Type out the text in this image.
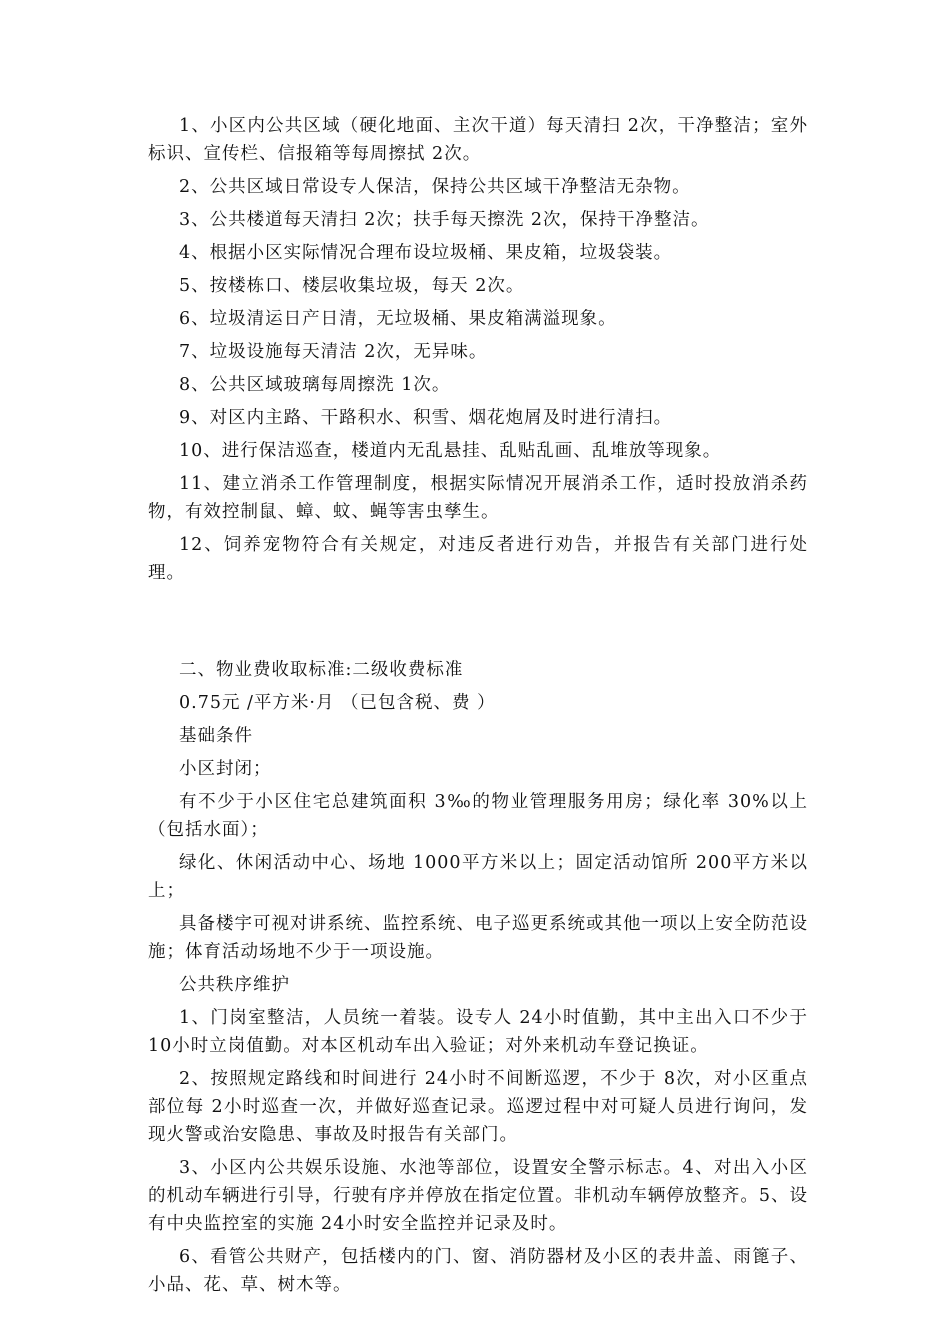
1、小区内公共区域（硬化地面、主次干道）每天清扫 2次，干净整洁；室外标识、宣传栏、信报箱等每周擦拭 2次。

2、公共区域日常设专人保洁，保持公共区域干净整洁无杂物。

3、公共楼道每天清扫 2次；扶手每天擦洗 2次，保持干净整洁。

4、根据小区实际情况合理布设垃圾桶、果皮箱，垃圾袋装。

5、按楼栋口、楼层收集垃圾，每天 2次。

6、垃圾清运日产日清，无垃圾桶、果皮箱满溢现象。

7、垃圾设施每天清洁 2次，无异味。

8、公共区域玻璃每周擦洗 1次。

9、对区内主路、干路积水、积雪、烟花炮屑及时进行清扫。

10、进行保洁巡查，楼道内无乱悬挂、乱贴乱画、乱堆放等现象。

11、建立消杀工作管理制度，根据实际情况开展消杀工作，适时投放消杀药物，有效控制鼠、蟑、蚊、蝇等害虫孳生。

12、饲养宠物符合有关规定，对违反者进行劝告，并报告有关部门进行处理。

二、物业费收取标准:二级收费标准

0.75元 /平方米·月 （已包含税、费 ）

基础条件

小区封闭；

有不少于小区住宅总建筑面积 3‰的物业管理服务用房；绿化率 30%以上（包括水面）；

绿化、休闲活动中心、场地 1000平方米以上；固定活动馆所 200平方米以上；

具备楼宇可视对讲系统、监控系统、电子巡更系统或其他一项以上安全防范设施；体育活动场地不少于一项设施。

公共秩序维护

1、门岗室整洁，人员统一着装。设专人 24小时值勤，其中主出入口不少于 10小时立岗值勤。对本区机动车出入验证；对外来机动车登记换证。

2、按照规定路线和时间进行 24小时不间断巡逻，不少于 8次，对小区重点部位每 2小时巡查一次，并做好巡查记录。巡逻过程中对可疑人员进行询问，发现火警或治安隐患、事故及时报告有关部门。

3、小区内公共娱乐设施、水池等部位，设置安全警示标志。4、对出入小区的机动车辆进行引导，行驶有序并停放在指定位置。非机动车辆停放整齐。5、设有中央监控室的实施 24小时安全监控并记录及时。

6、看管公共财产，包括楼内的门、窗、消防器材及小区的表井盖、雨篦子、小品、花、草、树木等。
